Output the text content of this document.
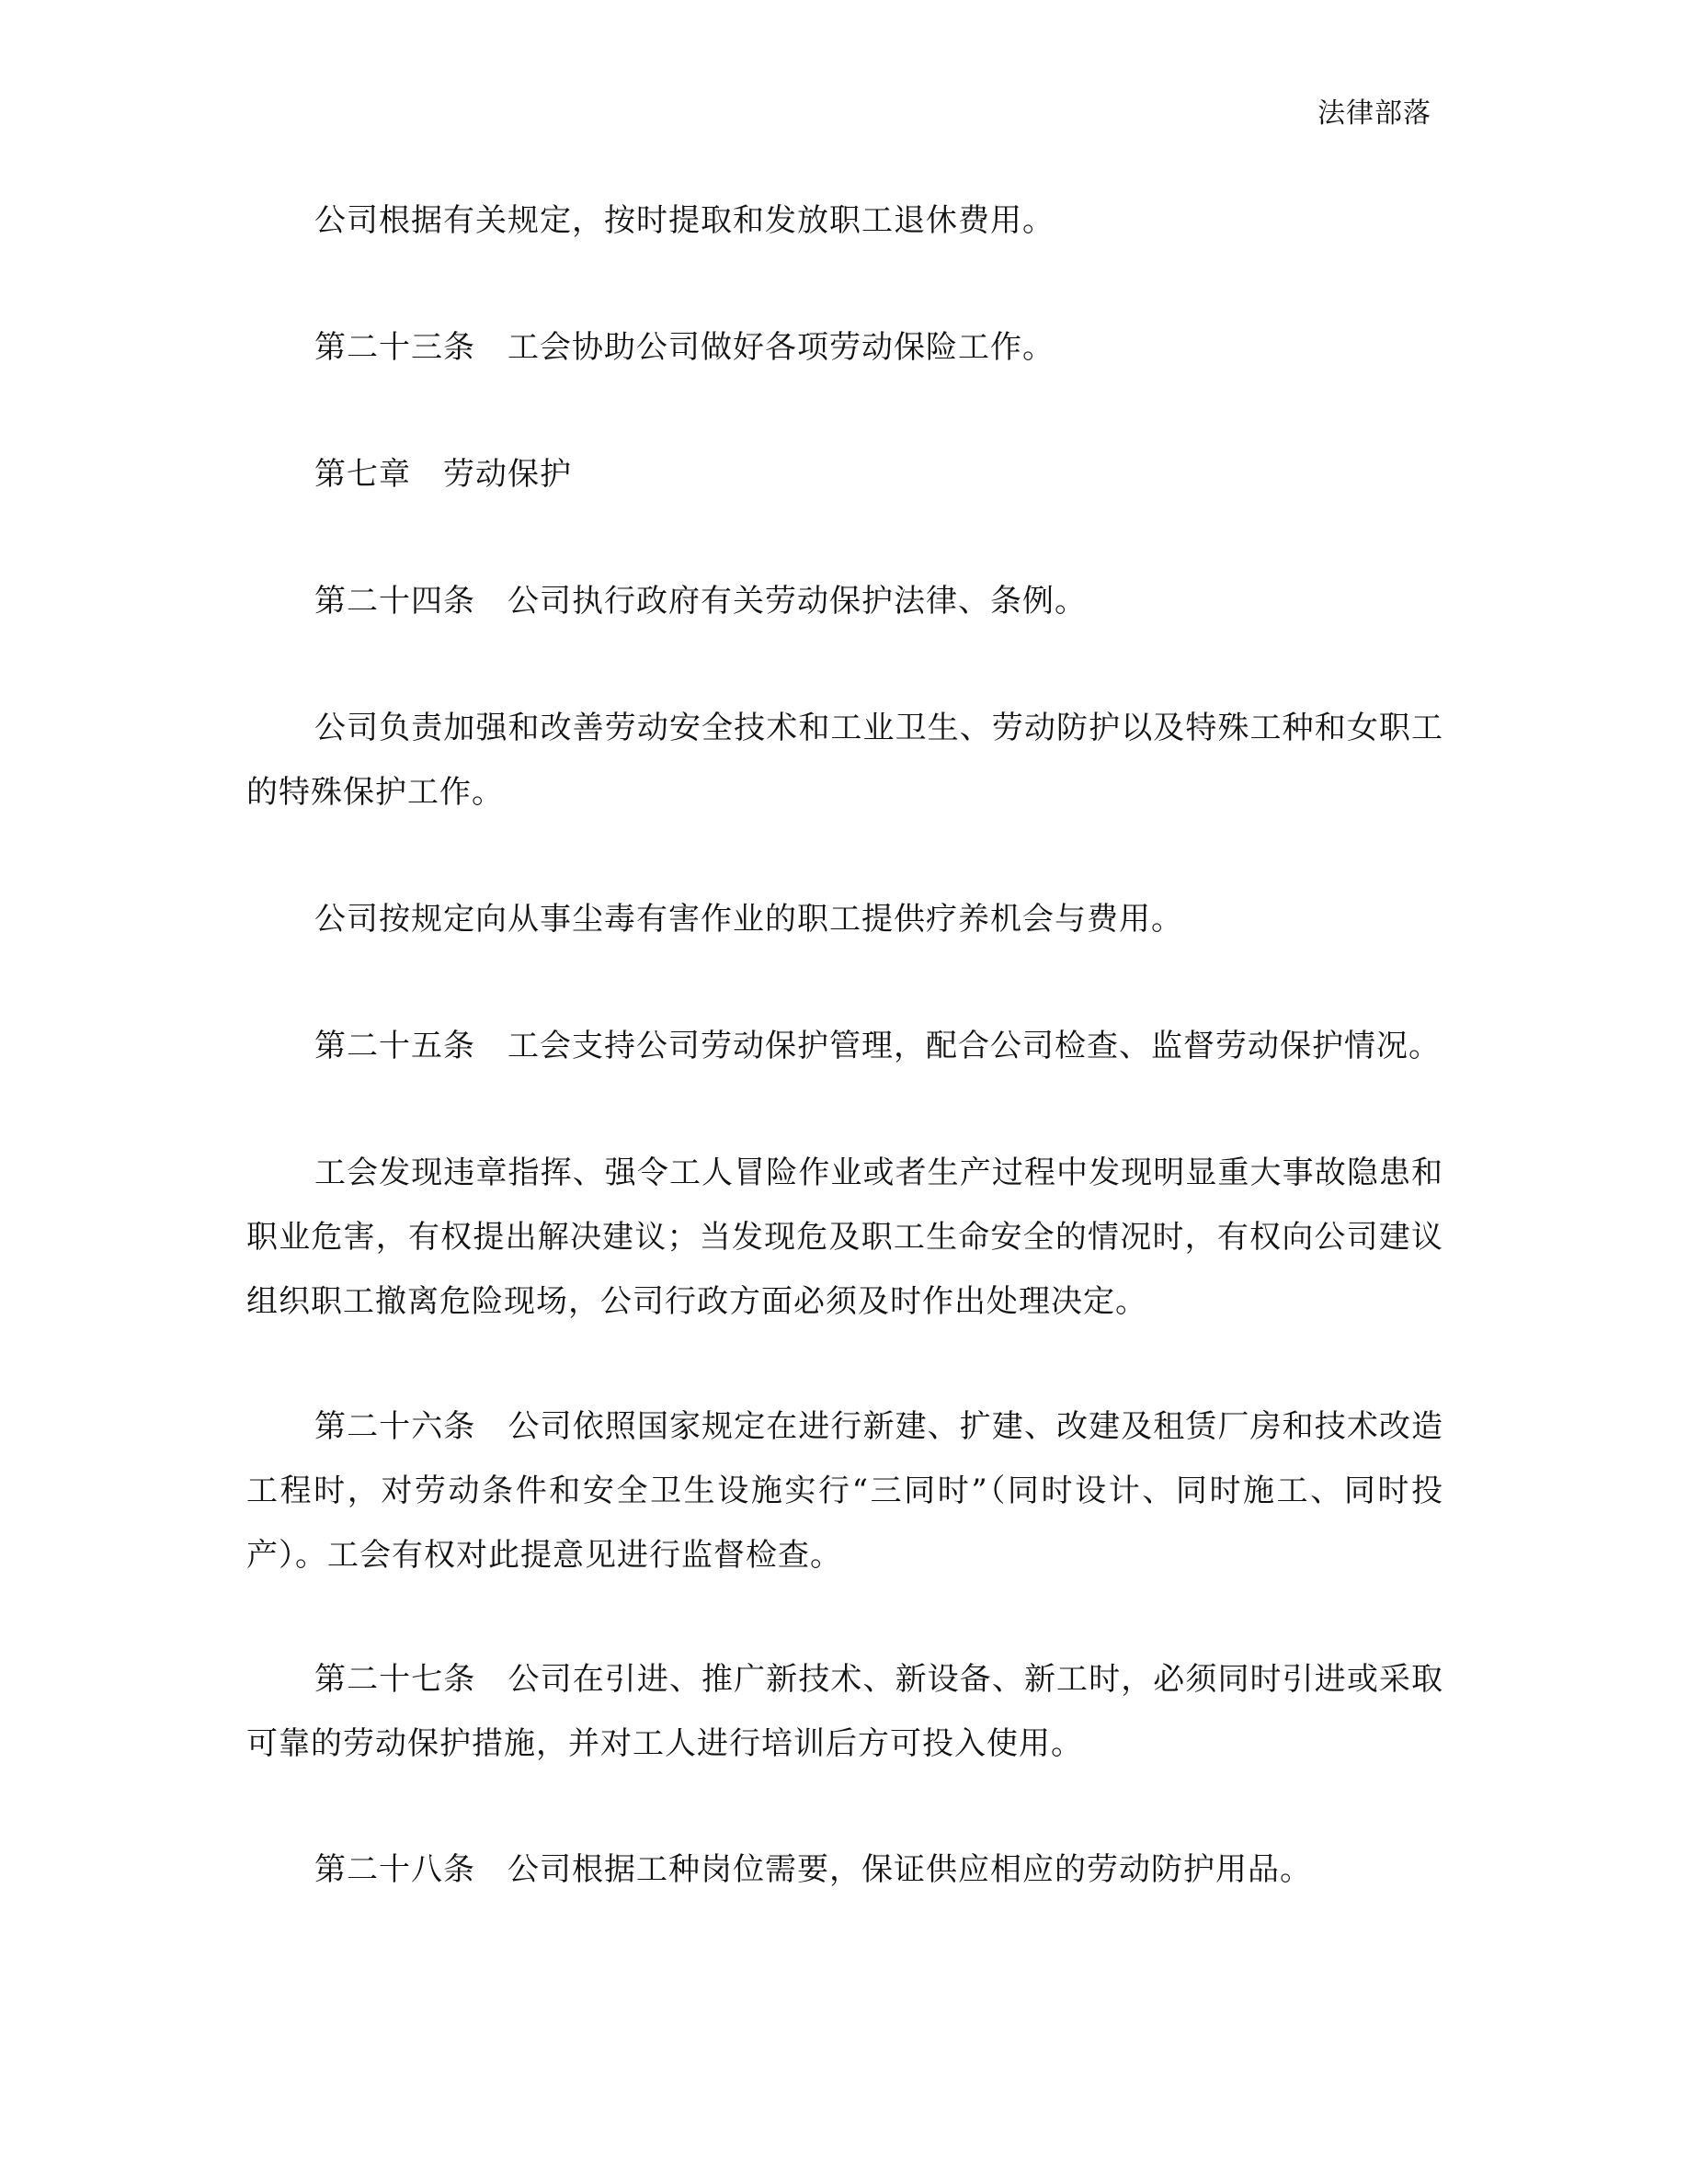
法律部落

公司根据有关规定，按时提取和发放职工退休费用。

第二十三条　工会协助公司做好各项劳动保险工作。

第七章　劳动保护

第二十四条　公司执行政府有关劳动保护法律、条例。

公司负责加强和改善劳动安全技术和工业卫生、劳动防护以及特殊工种和女职工的特殊保护工作。

公司按规定向从事尘毒有害作业的职工提供疗养机会与费用。

第二十五条　工会支持公司劳动保护管理，配合公司检查、监督劳动保护情况。

工会发现违章指挥、强令工人冒险作业或者生产过程中发现明显重大事故隐患和职业危害，有权提出解决建议；当发现危及职工生命安全的情况时，有权向公司建议组织职工撤离危险现场，公司行政方面必须及时作出处理决定。

第二十六条　公司依照国家规定在进行新建、扩建、改建及租赁厂房和技术改造工程时，对劳动条件和安全卫生设施实行“三同时”（同时设计、同时施工、同时投产）。工会有权对此提意见进行监督检查。

第二十七条　公司在引进、推广新技术、新设备、新工时，必须同时引进或采取可靠的劳动保护措施，并对工人进行培训后方可投入使用。

第二十八条　公司根据工种岗位需要，保证供应相应的劳动防护用品。
